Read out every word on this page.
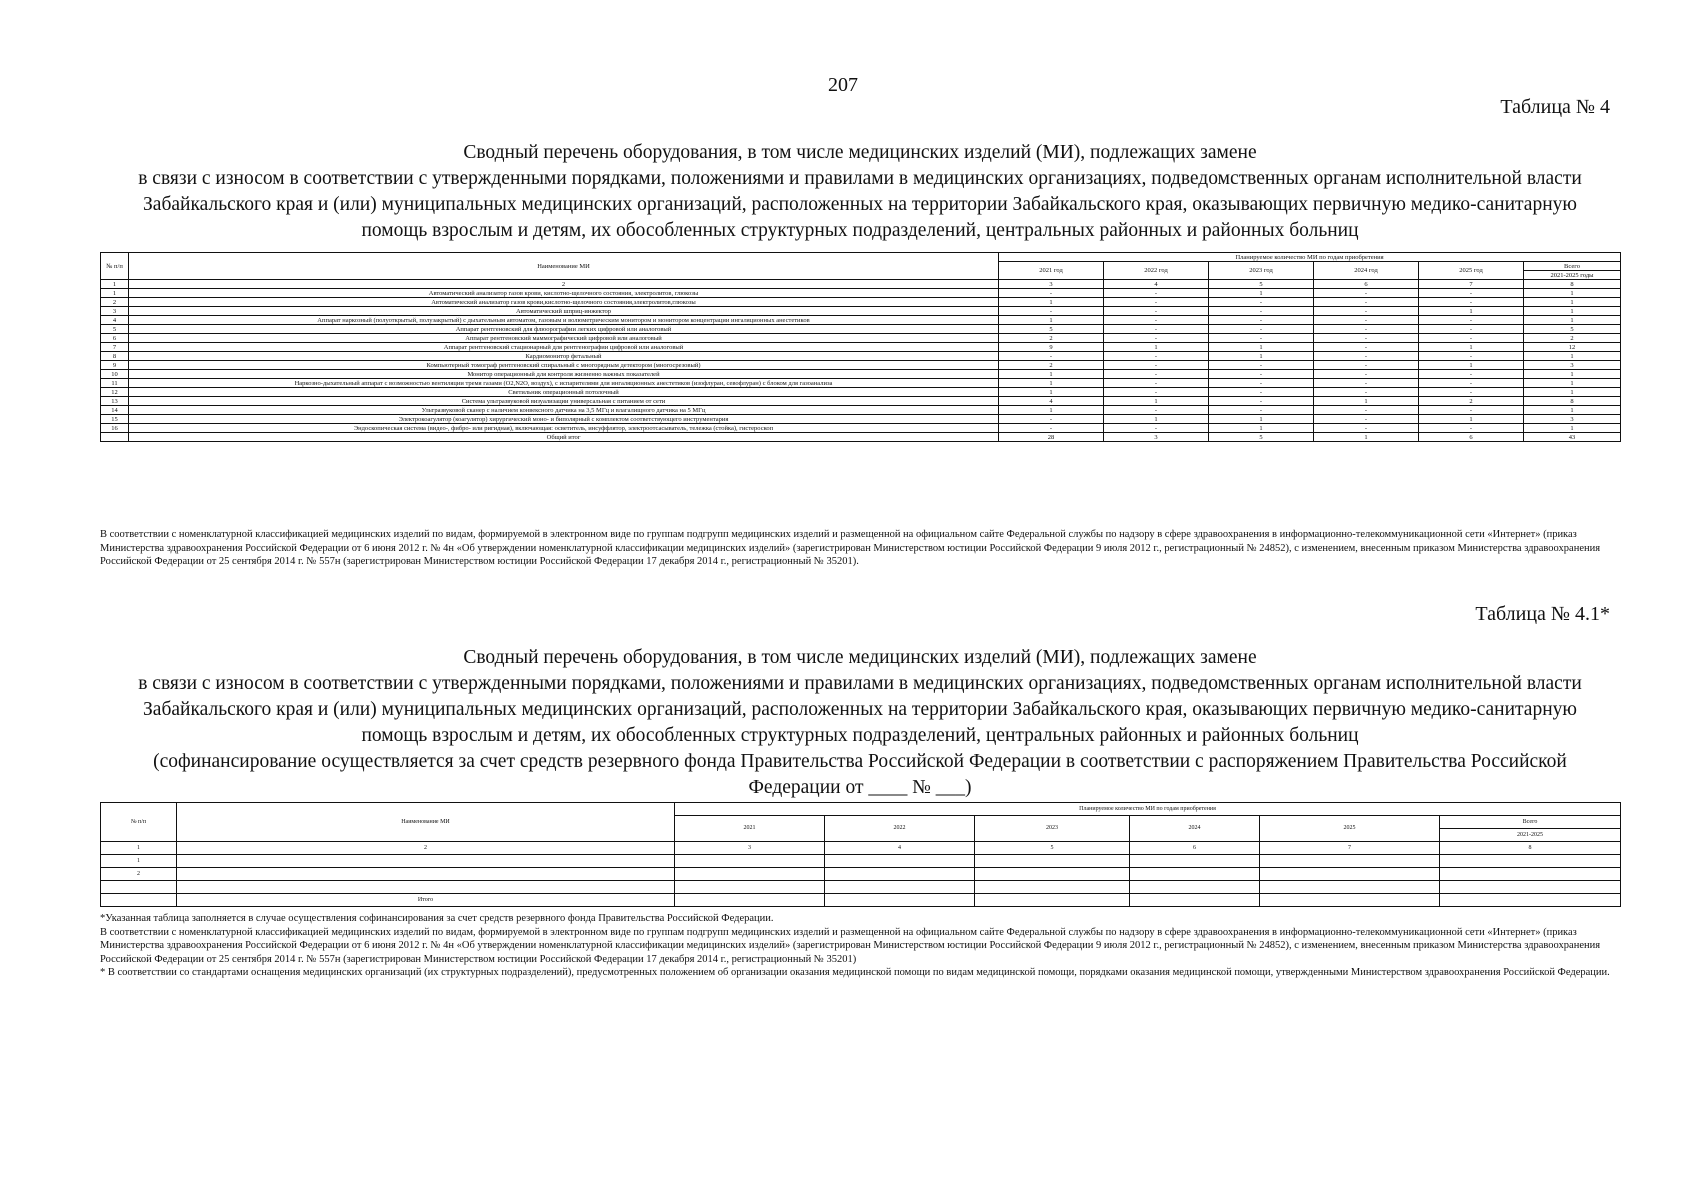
207
Таблица № 4
Сводный перечень оборудования, в том числе медицинских изделий (МИ), подлежащих замене
в связи с износом в соответствии с утвержденными порядками, положениями и правилами в медицинских организациях, подведомственных органам исполнительной власти
Забайкальского края и (или) муниципальных медицинских организаций, расположенных на территории Забайкальского края, оказывающих первичную медико-санитарную
помощь взрослым и детям, их обособленных структурных подразделений, центральных районных и районных больниц
№ п/п	Наименование МИ	Планируемое количество МИ по годам приобретения					
		2021 год	2022 год	2023 год	2024 год	2025 год	Всего
							2021-2025 годы
1	2	3	4	5	6	7	8
1	Автоматический анализатор газов крови, кислотно-щелочного состояния, электролитов, глюкозы	-	-	1	-	-	1
2	Автоматический анализатор газов крови,кислотно-щелочного состояния,электролитов,глюкозы	1	-	-	-	-	1
3	Автоматический шприц-инжектор	-	-	-	-	1	1
4	Аппарат наркозный (полуоткрытый, полузакрытый) с дыхательным автоматом, газовым и волюметрическим монитором и монитором концентрации ингаляционных анестетиков	1	-	-	-	-	1
5	Аппарат рентгеновский для флюорографии легких цифровой или аналоговый	5	-	-	-	-	5
6	Аппарат рентгеновский маммографический цифровой или аналоговый	2	-	-	-	-	2
7	Аппарат рентгеновский стационарный для рентгенографии цифровой или аналоговый	9	1	1	-	1	12
8	Кардиомонитор фетальный	-	-	1	-	-	1
9	Компьютерный томограф рентгеновский спиральный с многорядным детектором (многосрезовый)	2	-	-	-	1	3
10	Монитор операционный для контроля жизненно важных показателей	1	-	-	-	-	1
11	Наркозно-дыхательный аппарат с возможностью вентиляции тремя газами (О2,N2O, воздух), с испарителями для ингаляционных анестетиков (изофлуран, севофлуран) с блоком для газоанализа	1	-	-	-	-	1
12	Светильник операционный потолочный	1	-	-	-	-	1
13	Система ультразвуковой визуализации универсальная с питанием от сети	4	1	-	1	2	8
14	Ультразвуковой сканер с наличием конвексного датчика на 3,5 МГц и влагалищного датчика на 5 МГц	1	-	-	-	-	1
15	Электрокоагулятор (коагулятор) хирургический моно- и биполярный с комплектом соответствующего инструментария	-	1	1	-	1	3
16	Эндоскопическая система (видео-, фибро- или ригидная), включающая: осветитель, инсуффлятор, электроотсасыватель, тележка (стойка), гистероскоп	-	-	1	-	-	1
	Общий итог	28	3	5	1	6	43
В соответствии с номенклатурной классификацией медицинских изделий по видам, формируемой в электронном виде по группам подгрупп медицинских изделий и размещенной на официальном сайте Федеральной службы по надзору в сфере здравоохранения в информационно-телекоммуникационной сети «Интернет» (приказ Министерства здравоохранения Российской Федерации от 6 июня 2012 г. № 4н «Об утверждении номенклатурной классификации медицинских изделий» (зарегистрирован Министерством юстиции Российской Федерации 9 июля 2012 г., регистрационный № 24852), с изменением, внесенным приказом Министерства здравоохранения Российской Федерации от 25 сентября 2014 г. № 557н (зарегистрирован Министерством юстиции Российской Федерации 17 декабря 2014 г., регистрационный № 35201).
Таблица № 4.1*
Сводный перечень оборудования, в том числе медицинских изделий (МИ), подлежащих замене
в связи с износом в соответствии с утвержденными порядками, положениями и правилами в медицинских организациях, подведомственных органам исполнительной власти
Забайкальского края и (или) муниципальных медицинских организаций, расположенных на территории Забайкальского края, оказывающих первичную медико-санитарную
помощь взрослым и детям, их обособленных структурных подразделений, центральных районных и районных больниц
(софинансирование осуществляется за счет средств резервного фонда Правительства Российской Федерации в соответствии с распоряжением Правительства Российской
Федерации от ____ № ___)
№ п/п	Наименование МИ	Планируемое количество МИ по годам приобретения					
		2021	2022	2023	2024	2025	Всего
							2021-2025
1	2	3	4	5	6	7	8
1							
2							

	Итого						

*Указанная таблица заполняется в случае осуществления софинансирования за счет средств резервного фонда Правительства Российской Федерации.

В соответствии с номенклатурной классификацией медицинских изделий по видам, формируемой в электронном виде по группам подгрупп медицинских изделий и размещенной на официальном сайте Федеральной службы по надзору в сфере здравоохранения в информационно-телекоммуникационной сети «Интернет» (приказ Министерства здравоохранения Российской Федерации от 6 июня 2012 г. № 4н «Об утверждении номенклатурной классификации медицинских изделий» (зарегистрирован Министерством юстиции Российской Федерации 9 июля 2012 г., регистрационный № 24852), с изменением, внесенным приказом Министерства здравоохранения Российской Федерации от 25 сентября 2014 г. № 557н (зарегистрирован Министерством юстиции Российской Федерации 17 декабря 2014 г., регистрационный № 35201)

* В соответствии со стандартами оснащения медицинских организаций (их структурных подразделений), предусмотренных положением об организации оказания медицинской помощи по видам медицинской помощи, порядками оказания медицинской помощи, утвержденными Министерством здравоохранения Российской Федерации.
